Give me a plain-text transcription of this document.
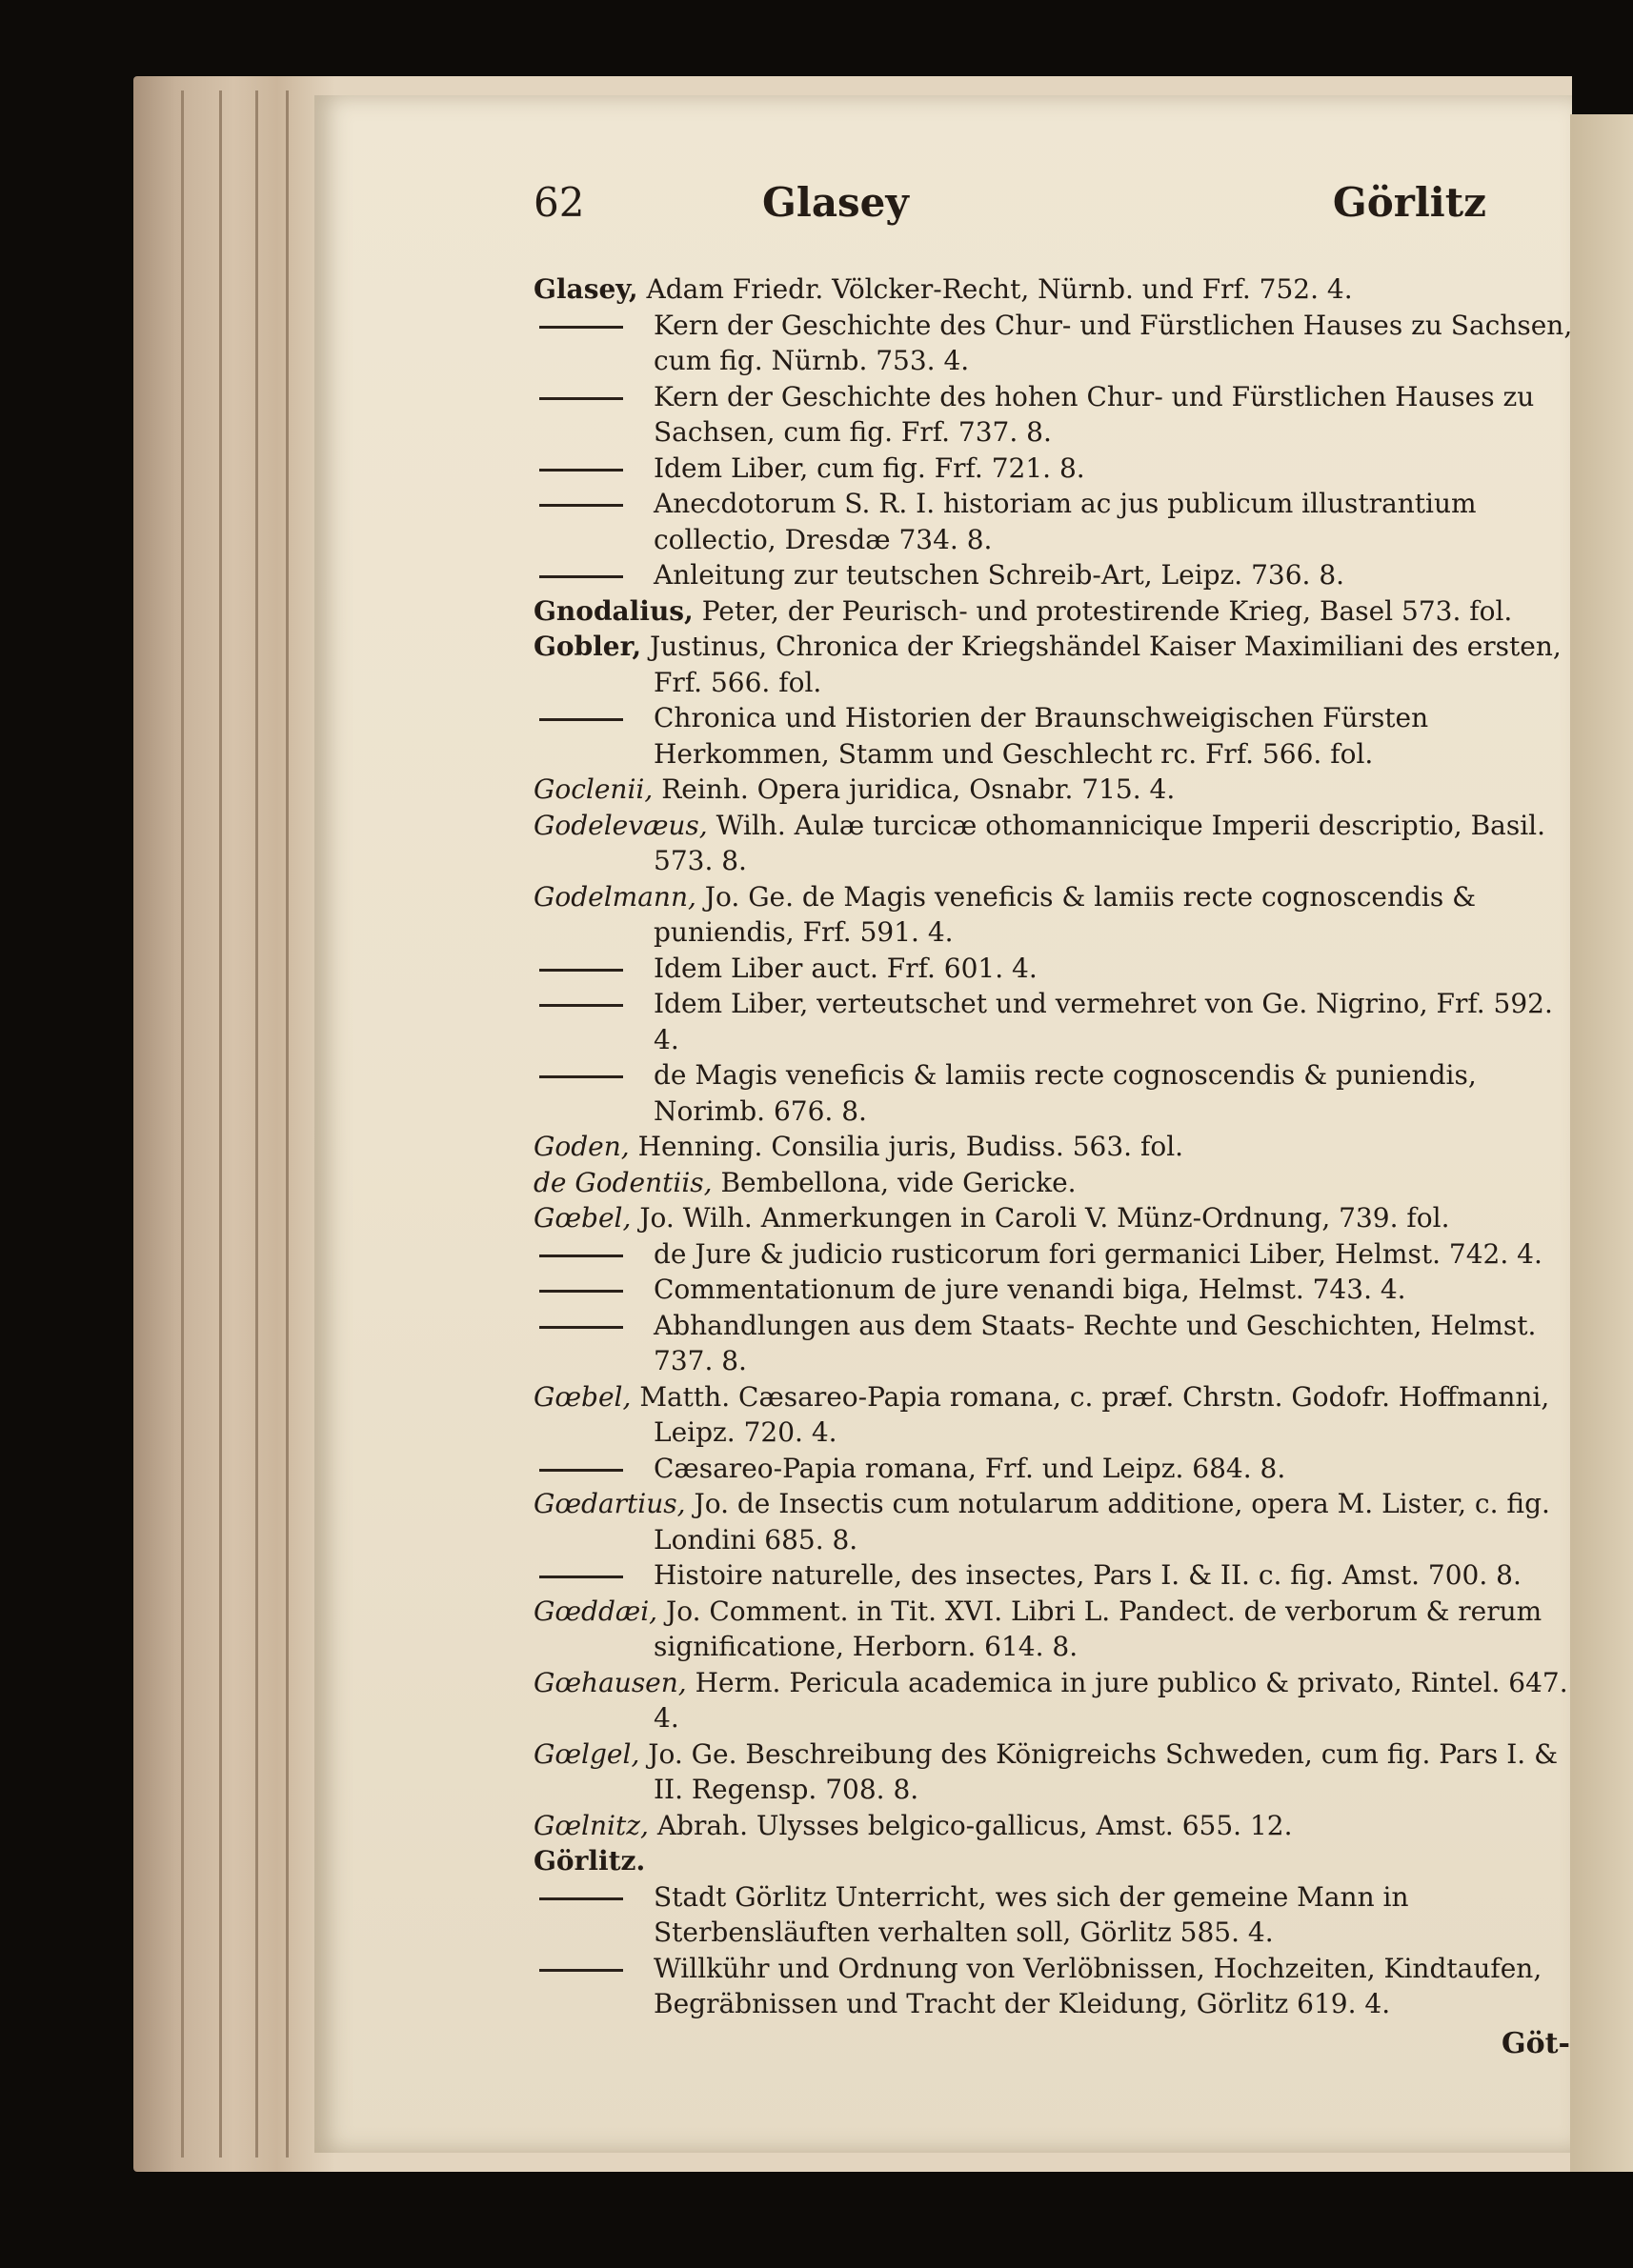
62	Glasey	Görlitz
Glasey, Adam Friedr. Völcker-Recht, Nürnb. und Frf. 752. 4.
Kern der Geschichte des Chur- und Fürstlichen Hauses zu Sachsen, cum fig. Nürnb. 753. 4.
Kern der Geschichte des hohen Chur- und Fürstlichen Hauses zu Sachsen, cum fig. Frf. 737. 8.
Idem Liber, cum fig. Frf. 721. 8.
Anecdotorum S. R. I. historiam ac jus publicum illustrantium collectio, Dresdæ 734. 8.
Anleitung zur teutschen Schreib-Art, Leipz. 736. 8.
Gnodalius, Peter, der Peurisch- und protestirende Krieg, Basel 573. fol.
Gobler, Justinus, Chronica der Kriegshändel Kaiser Maximiliani des ersten, Frf. 566. fol.
Chronica und Historien der Braunschweigischen Fürsten Herkommen, Stamm und Geschlecht rc. Frf. 566. fol.
Goclenii, Reinh. Opera juridica, Osnabr. 715. 4.
Godelevæus, Wilh. Aulæ turcicæ othomannicique Imperii descriptio, Basil. 573. 8.
Godelmann, Jo. Ge. de Magis veneficis & lamiis recte cognoscendis & puniendis, Frf. 591. 4.
Idem Liber auct. Frf. 601. 4.
Idem Liber, verteutschet und vermehret von Ge. Nigrino, Frf. 592. 4.
de Magis veneficis & lamiis recte cognoscendis & puniendis, Norimb. 676. 8.
Goden, Henning. Consilia juris, Budiss. 563. fol.
de Godentiis, Bembellona, vide Gericke.
Gœbel, Jo. Wilh. Anmerkungen in Caroli V. Münz-Ordnung, 739. fol.
de Jure & judicio rusticorum fori germanici Liber, Helmst. 742. 4.
Commentationum de jure venandi biga, Helmst. 743. 4.
Abhandlungen aus dem Staats- Rechte und Geschichten, Helmst. 737. 8.
Gœbel, Matth. Cæsareo-Papia romana, c. præf. Chrstn. Godofr. Hoffmanni, Leipz. 720. 4.
Cæsareo-Papia romana, Frf. und Leipz. 684. 8.
Gœdartius, Jo. de Insectis cum notularum additione, opera M. Lister, c. fig. Londini 685. 8.
Histoire naturelle, des insectes, Pars I. & II. c. fig. Amst. 700. 8.
Gœddæi, Jo. Comment. in Tit. XVI. Libri L. Pandect. de verborum & rerum significatione, Herborn. 614. 8.
Gœhausen, Herm. Pericula academica in jure publico & privato, Rintel. 647. 4.
Gœlgel, Jo. Ge. Beschreibung des Königreichs Schweden, cum fig. Pars I. & II. Regensp. 708. 8.
Gœlnitz, Abrah. Ulysses belgico-gallicus, Amst. 655. 12.
Görlitz.
Stadt Görlitz Unterricht, wes sich der gemeine Mann in Sterbensläuften verhalten soll, Görlitz 585. 4.
Willkühr und Ordnung von Verlöbnissen, Hochzeiten, Kindtaufen, Begräbnissen und Tracht der Kleidung, Görlitz 619. 4.
Göt-
